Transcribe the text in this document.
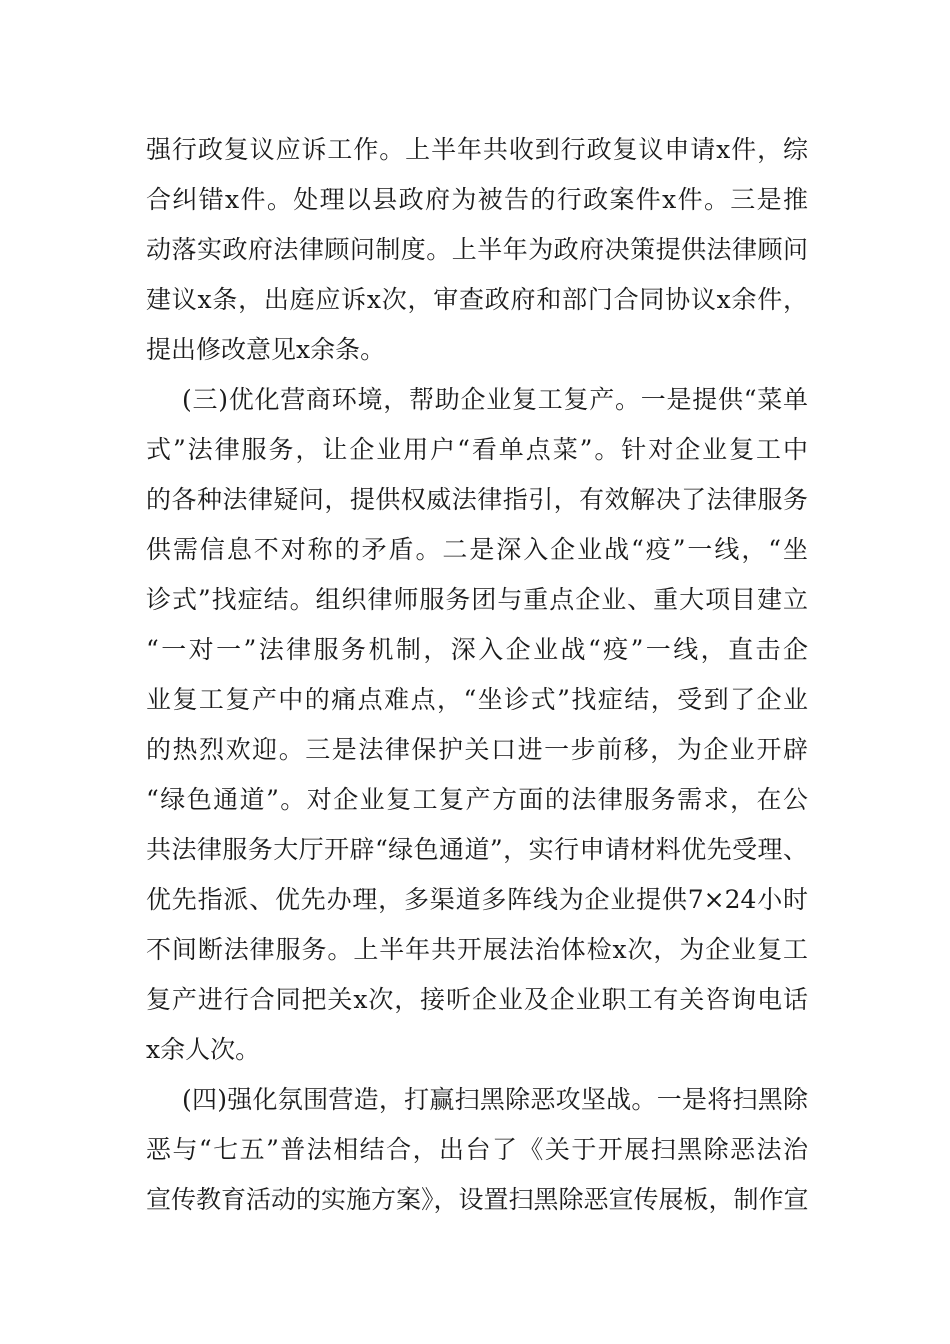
强行政复议应诉工作。上半年共收到行政复议申请x件，综
合纠错x件。处理以县政府为被告的行政案件x件。三是推
动落实政府法律顾问制度。上半年为政府决策提供法律顾问
建议x条，出庭应诉x次，审查政府和部门合同协议x余件，
提出修改意见x余条。
(三)优化营商环境，帮助企业复工复产。一是提供“菜单
式”法律服务，让企业用户“看单点菜”。针对企业复工中
的各种法律疑问，提供权威法律指引，有效解决了法律服务
供需信息不对称的矛盾。二是深入企业战“疫”一线，“坐
诊式”找症结。组织律师服务团与重点企业、重大项目建立
“一对一”法律服务机制，深入企业战“疫”一线，直击企
业复工复产中的痛点难点，“坐诊式”找症结，受到了企业
的热烈欢迎。三是法律保护关口进一步前移，为企业开辟
“绿色通道”。对企业复工复产方面的法律服务需求，在公
共法律服务大厅开辟“绿色通道”，实行申请材料优先受理、
优先指派、优先办理，多渠道多阵线为企业提供7×24小时
不间断法律服务。上半年共开展法治体检x次，为企业复工
复产进行合同把关x次，接听企业及企业职工有关咨询电话
x余人次。
(四)强化氛围营造，打赢扫黑除恶攻坚战。一是将扫黑除
恶与“七五”普法相结合，出台了《关于开展扫黑除恶法治
宣传教育活动的实施方案》，设置扫黑除恶宣传展板，制作宣
